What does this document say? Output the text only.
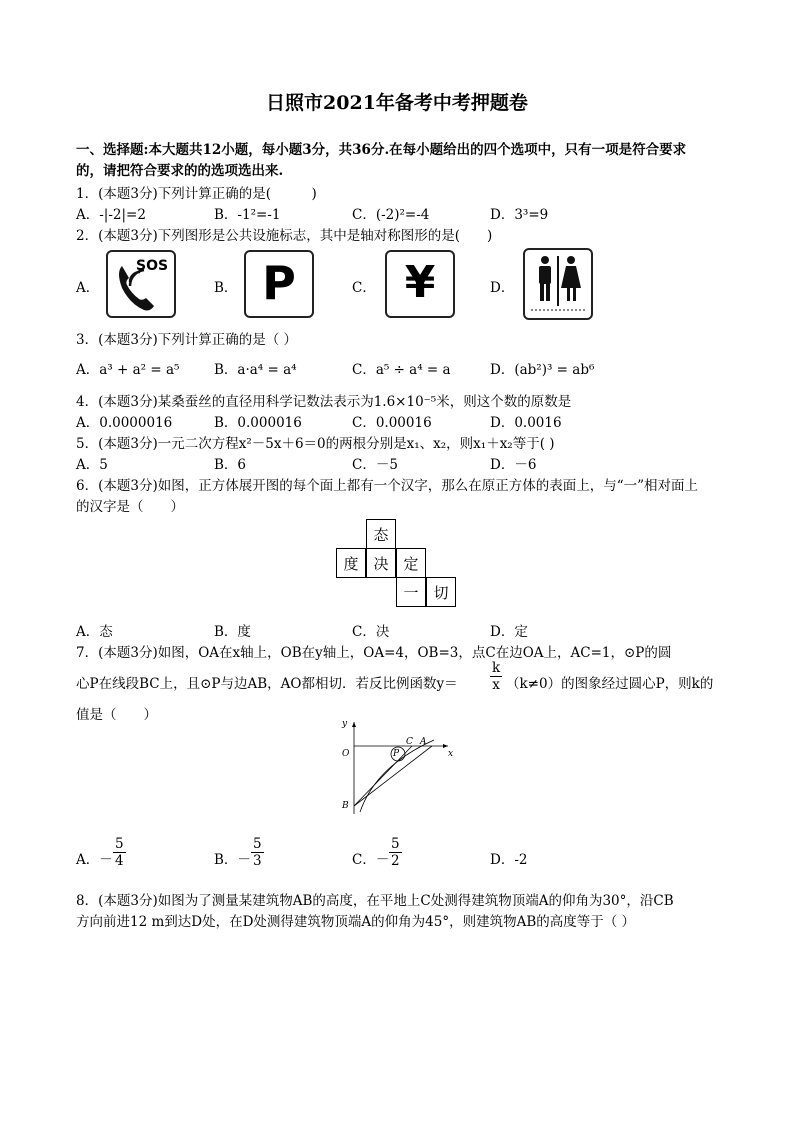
日照市2021年备考中考押题卷
一、选择题:本大题共12小题，每小题3分，共36分.在每小题给出的四个选项中，只有一项是符合要求
的，请把符合要求的的选项选出来.
1．(本题3分)下列计算正确的是(　　　)
A．-|-2|=2	B．-1²=-1	C．(-2)²=-4	D．3³=9
2．(本题3分)下列图形是公共设施标志，其中是轴对称图形的是(　　)
A．
SOS
B． P	C． ¥	D．
3．(本题3分)下列计算正确的是（ ）
A．a³ + a² = a⁵	B．a·a⁴ = a⁴	C．a⁵ ÷ a⁴ = a	D．(ab²)³ = ab⁶
4．(本题3分)某桑蚕丝的直径用科学记数法表示为1.6×10⁻⁵米，则这个数的原数是
A．0.0000016	B．0.000016	C．0.00016	D．0.0016
5．(本题3分)一元二次方程x²－5x＋6＝0的两根分别是x₁、x₂，则x₁＋x₂等于( )
A．5	B．6	C．－5	D．－6
6．(本题3分)如图，正方体展开图的每个面上都有一个汉字，那么在原正方体的表面上，与“一”相对面上
的汉字是（　　）
态
度 决 定
一 切
A．态	B．度	C．决	D．定
7．(本题3分)如图，OA在x轴上，OB在y轴上，OA=4，OB=3，点C在边OA上，AC=1，⊙P的圆
心P在线段BC上，且⊙P与边AB，AO都相切．若反比例函数$y= \frac{k}{x} (k\ne 0)$的图象经过圆心P，则k的
值是（　　）
y
x
O
B
C A
P
A．－ $\frac{5}{4}$	B．－ $\frac{5}{3}$	C．－ $\frac{5}{2}$	D．-2
8．(本题3分)如图为了测量某建筑物AB的高度，在平地上C处测得建筑物顶端A的仰角为30°，沿CB
方向前进12 m到达D处，在D处测得建筑物顶端A的仰角为45°，则建筑物AB的高度等于（ ）
